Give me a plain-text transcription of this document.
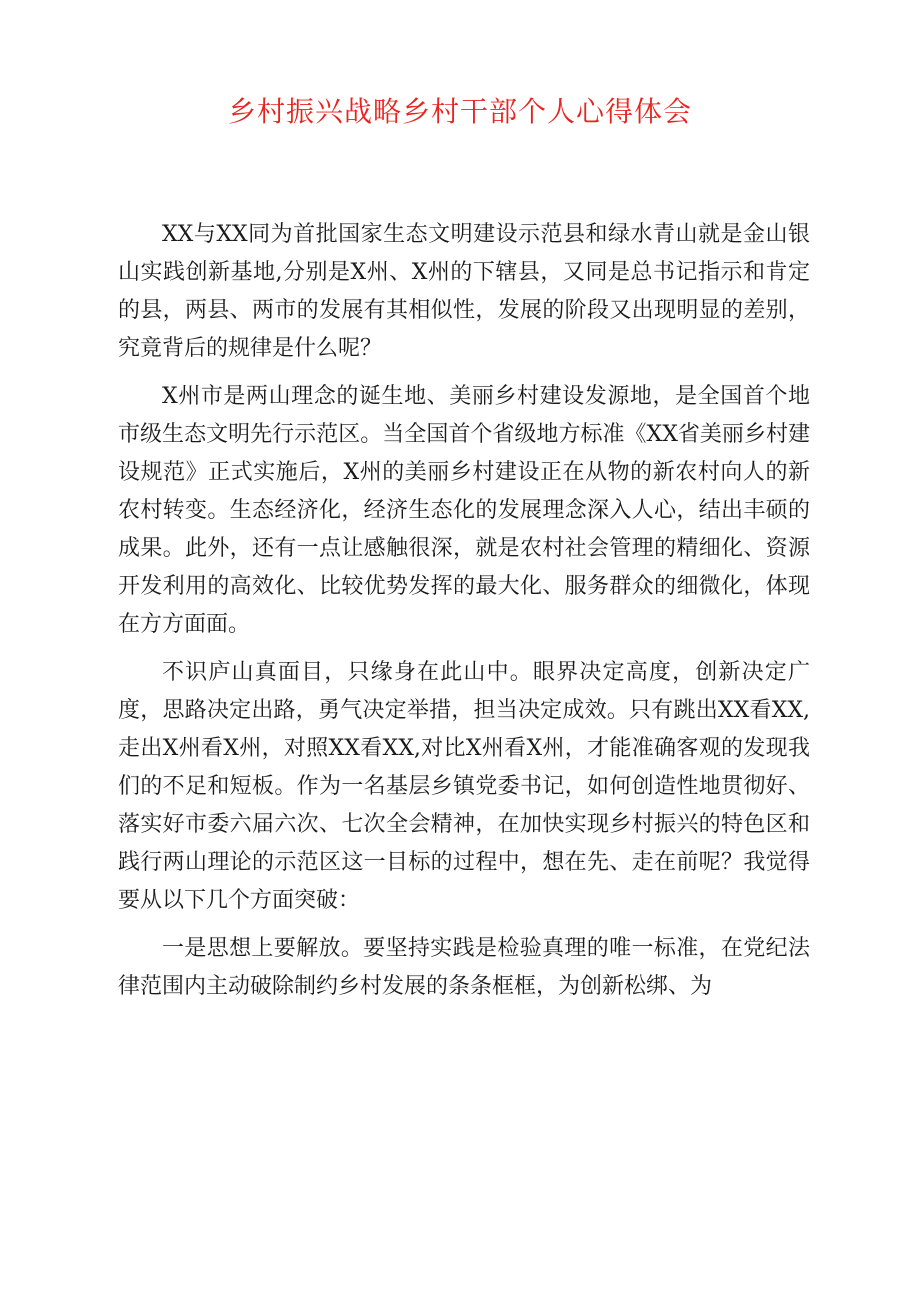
乡村振兴战略乡村干部个人心得体会

XX与XX同为首批国家生态文明建设示范县和绿水青山就是金山银山实践创新基地,分别是X州、X州的下辖县，又同是总书记指示和肯定的县，两县、两市的发展有其相似性，发展的阶段又出现明显的差别，究竟背后的规律是什么呢？

X州市是两山理念的诞生地、美丽乡村建设发源地，是全国首个地市级生态文明先行示范区。当全国首个省级地方标准《XX省美丽乡村建设规范》正式实施后，X州的美丽乡村建设正在从物的新农村向人的新农村转变。生态经济化，经济生态化的发展理念深入人心，结出丰硕的成果。此外，还有一点让感触很深，就是农村社会管理的精细化、资源开发利用的高效化、比较优势发挥的最大化、服务群众的细微化，体现在方方面面。

不识庐山真面目，只缘身在此山中。眼界决定高度，创新决定广度，思路决定出路，勇气决定举措，担当决定成效。只有跳出XX看XX,走出X州看X州，对照XX看XX,对比X州看X州，才能准确客观的发现我们的不足和短板。作为一名基层乡镇党委书记，如何创造性地贯彻好、落实好市委六届六次、七次全会精神，在加快实现乡村振兴的特色区和践行两山理论的示范区这一目标的过程中，想在先、走在前呢？我觉得要从以下几个方面突破：

一是思想上要解放。要坚持实践是检验真理的唯一标准，在党纪法律范围内主动破除制约乡村发展的条条框框，为创新松绑、为
